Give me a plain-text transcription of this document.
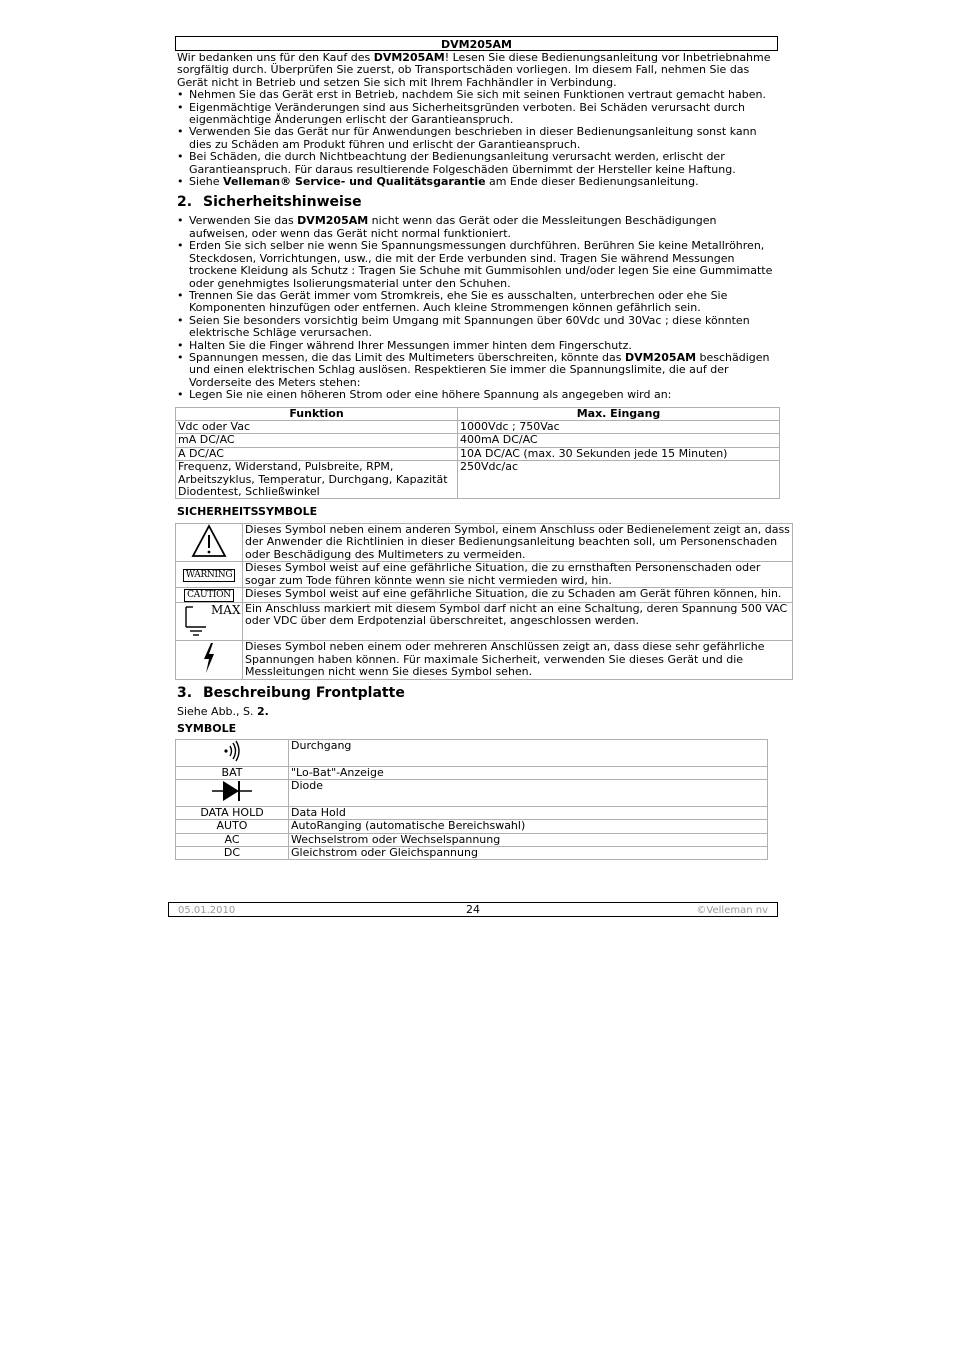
DVM205AM
Wir bedanken uns für den Kauf des DVM205AM! Lesen Sie diese Bedienungsanleitung vor Inbetriebnahme sorgfältig durch. Überprüfen Sie zuerst, ob Transportschäden vorliegen. Im diesem Fall, nehmen Sie das Gerät nicht in Betrieb und setzen Sie sich mit Ihrem Fachhändler in Verbindung.
• Nehmen Sie das Gerät erst in Betrieb, nachdem Sie sich mit seinen Funktionen vertraut gemacht haben.
• Eigenmächtige Veränderungen sind aus Sicherheitsgründen verboten. Bei Schäden verursacht durch eigenmächtige Änderungen erlischt der Garantieanspruch.
• Verwenden Sie das Gerät nur für Anwendungen beschrieben in dieser Bedienungsanleitung sonst kann dies zu Schäden am Produkt führen und erlischt der Garantieanspruch.
• Bei Schäden, die durch Nichtbeachtung der Bedienungsanleitung verursacht werden, erlischt der Garantieanspruch. Für daraus resultierende Folgeschäden übernimmt der Hersteller keine Haftung.
• Siehe Velleman® Service- und Qualitätsgarantie am Ende dieser Bedienungsanleitung.
2. Sicherheitshinweise
• Verwenden Sie das DVM205AM nicht wenn das Gerät oder die Messleitungen Beschädigungen aufweisen, oder wenn das Gerät nicht normal funktioniert.
• Erden Sie sich selber nie wenn Sie Spannungsmessungen durchführen. Berühren Sie keine Metallröhren, Steckdosen, Vorrichtungen, usw., die mit der Erde verbunden sind. Tragen Sie während Messungen trockene Kleidung als Schutz : Tragen Sie Schuhe mit Gummisohlen und/oder legen Sie eine Gummimatte oder genehmigtes Isolierungsmaterial unter den Schuhen.
• Trennen Sie das Gerät immer vom Stromkreis, ehe Sie es ausschalten, unterbrechen oder ehe Sie Komponenten hinzufügen oder entfernen. Auch kleine Strommengen können gefährlich sein.
• Seien Sie besonders vorsichtig beim Umgang mit Spannungen über 60Vdc und 30Vac ; diese könnten elektrische Schläge verursachen.
• Halten Sie die Finger während Ihrer Messungen immer hinten dem Fingerschutz.
• Spannungen messen, die das Limit des Multimeters überschreiten, könnte das DVM205AM beschädigen und einen elektrischen Schlag auslösen. Respektieren Sie immer die Spannungslimite, die auf der Vorderseite des Meters stehen:
• Legen Sie nie einen höheren Strom oder eine höhere Spannung als angegeben wird an:
Funktion	Max. Eingang
Vdc oder Vac	1000Vdc ; 750Vac
mA DC/AC	400mA DC/AC
A DC/AC	10A DC/AC (max. 30 Sekunden jede 15 Minuten)
Frequenz, Widerstand, Pulsbreite, RPM, Arbeitszyklus, Temperatur, Durchgang, Kapazität Diodentest, Schließwinkel	250Vdc/ac
SICHERHEITSSYMBOLE
	Dieses Symbol neben einem anderen Symbol, einem Anschluss oder Bedienelement zeigt an, dass der Anwender die Richtlinien in dieser Bedienungsanleitung beachten soll, um Personenschaden oder Beschädigung des Multimeters zu vermeiden.
WARNING	Dieses Symbol weist auf eine gefährliche Situation, die zu ernsthaften Personenschaden oder sogar zum Tode führen könnte wenn sie nicht vermieden wird, hin.
CAUTION	Dieses Symbol weist auf eine gefährliche Situation, die zu Schaden am Gerät führen können, hin.

MAX	Ein Anschluss markiert mit diesem Symbol darf nicht an eine Schaltung, deren Spannung 500 VAC oder VDC über dem Erdpotenzial überschreitet, angeschlossen werden.
	Dieses Symbol neben einem oder mehreren Anschlüssen zeigt an, dass diese sehr gefährliche Spannungen haben können. Für maximale Sicherheit, verwenden Sie dieses Gerät und die Messleitungen nicht wenn Sie dieses Symbol sehen.
3. Beschreibung Frontplatte
Siehe Abb., S. 2.
SYMBOLE
	Durchgang
BAT	"Lo-Bat"-Anzeige
	Diode
DATA HOLD	Data Hold
AUTO	AutoRanging (automatische Bereichswahl)
AC	Wechselstrom oder Wechselspannung
DC	Gleichstrom oder Gleichspannung
05.01.2010	24	©Velleman nv
